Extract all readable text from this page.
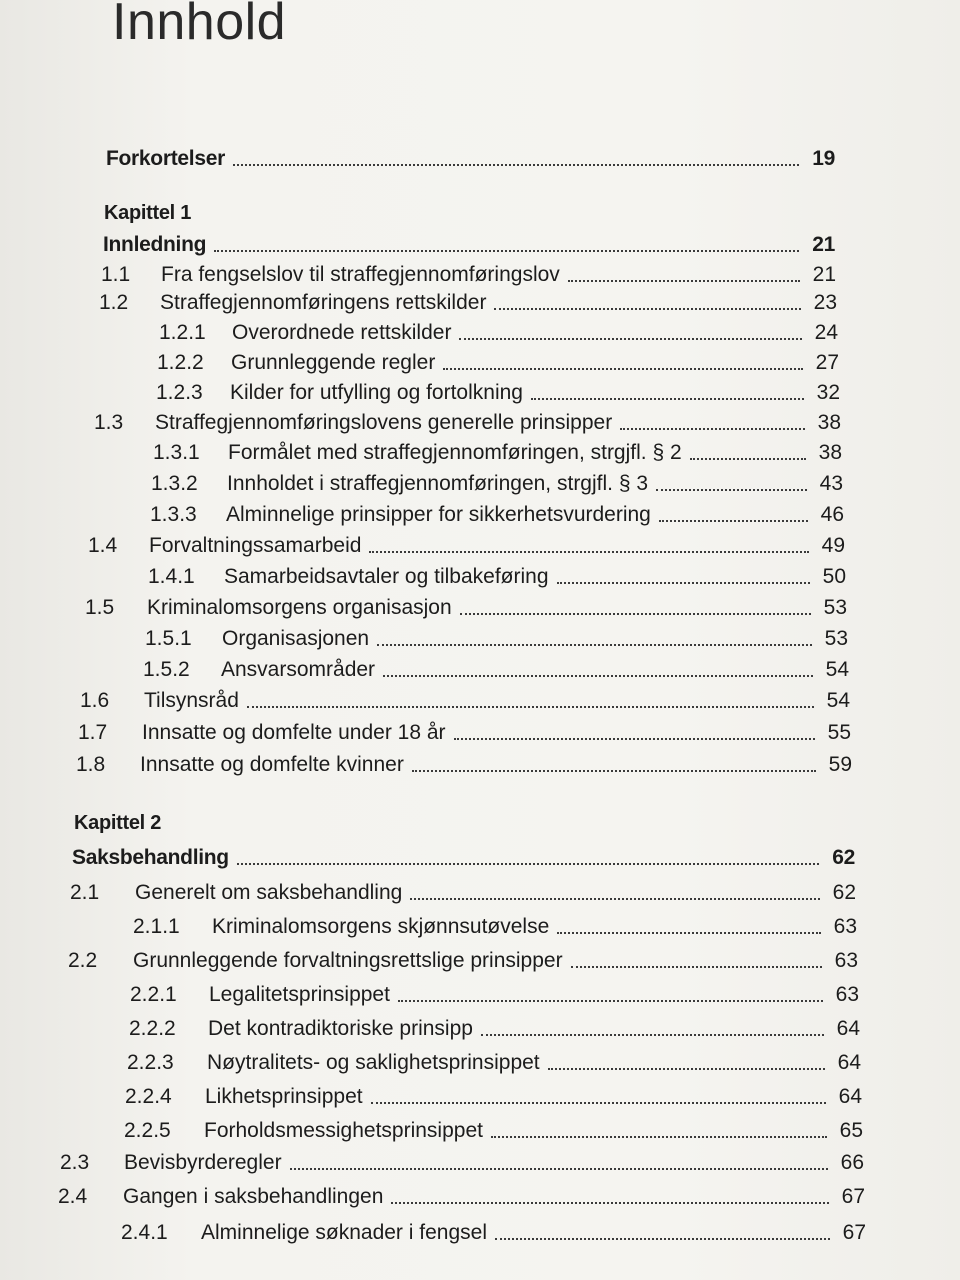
Innhold
Forkortelser	19
Kapittel 1
Innledning	21
1.1	Fra fengselslov til straffegjennomføringslov	21
1.2	Straffegjennomføringens rettskilder	23
1.2.1	Overordnede rettskilder	24
1.2.2	Grunnleggende regler	27
1.2.3	Kilder for utfylling og fortolkning	32
1.3	Straffegjennomføringslovens generelle prinsipper	38
1.3.1	Formålet med straffegjennomføringen, strgjfl. § 2	38
1.3.2	Innholdet i straffegjennomføringen, strgjfl. § 3	43
1.3.3	Alminnelige prinsipper for sikkerhetsvurdering	46
1.4	Forvaltningssamarbeid	49
1.4.1	Samarbeidsavtaler og tilbakeføring	50
1.5	Kriminalomsorgens organisasjon	53
1.5.1	Organisasjonen	53
1.5.2	Ansvarsområder	54
1.6	Tilsynsråd	54
1.7	Innsatte og domfelte under 18 år	55
1.8	Innsatte og domfelte kvinner	59
Kapittel 2
Saksbehandling	62
2.1	Generelt om saksbehandling	62
2.1.1	Kriminalomsorgens skjønnsutøvelse	63
2.2	Grunnleggende forvaltningsrettslige prinsipper	63
2.2.1	Legalitetsprinsippet	63
2.2.2	Det kontradiktoriske prinsipp	64
2.2.3	Nøytralitets- og saklighetsprinsippet	64
2.2.4	Likhetsprinsippet	64
2.2.5	Forholdsmessighetsprinsippet	65
2.3	Bevisbyrderegler	66
2.4	Gangen i saksbehandlingen	67
2.4.1	Alminnelige søknader i fengsel	67
